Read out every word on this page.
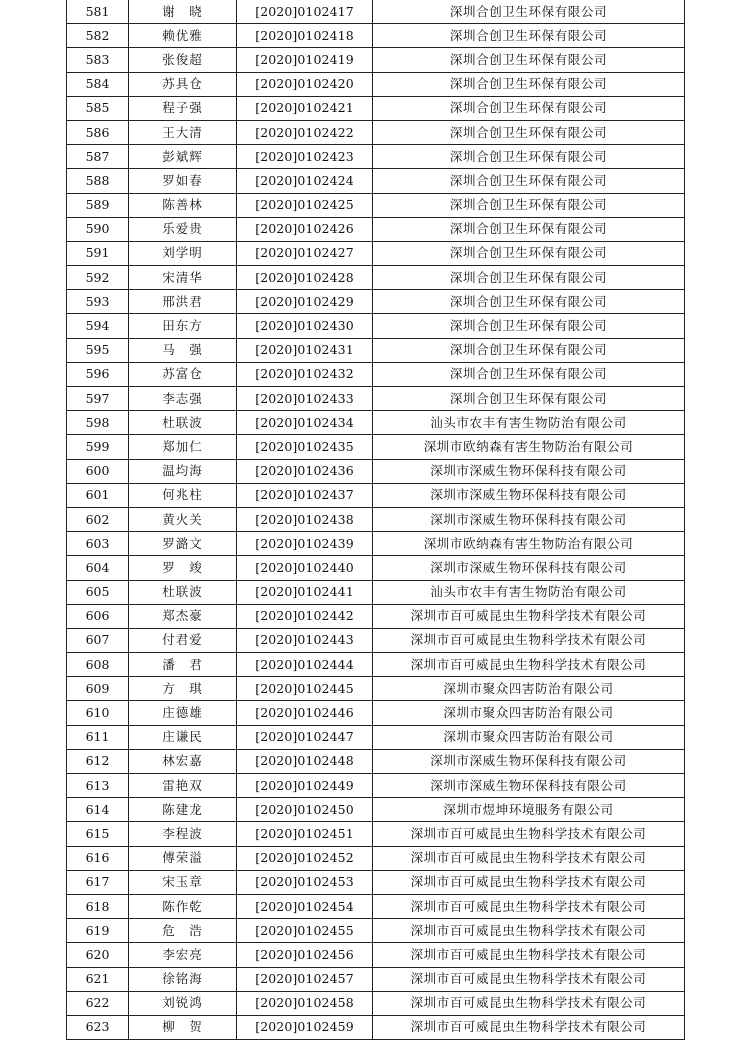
581	谢　晓	[2020]0102417	深圳合创卫生环保有限公司
582	赖优雅	[2020]0102418	深圳合创卫生环保有限公司
583	张俊超	[2020]0102419	深圳合创卫生环保有限公司
584	苏具仓	[2020]0102420	深圳合创卫生环保有限公司
585	程子强	[2020]0102421	深圳合创卫生环保有限公司
586	王大清	[2020]0102422	深圳合创卫生环保有限公司
587	彭斌辉	[2020]0102423	深圳合创卫生环保有限公司
588	罗如春	[2020]0102424	深圳合创卫生环保有限公司
589	陈善林	[2020]0102425	深圳合创卫生环保有限公司
590	乐爱贵	[2020]0102426	深圳合创卫生环保有限公司
591	刘学明	[2020]0102427	深圳合创卫生环保有限公司
592	宋清华	[2020]0102428	深圳合创卫生环保有限公司
593	邢洪君	[2020]0102429	深圳合创卫生环保有限公司
594	田东方	[2020]0102430	深圳合创卫生环保有限公司
595	马　强	[2020]0102431	深圳合创卫生环保有限公司
596	苏富仓	[2020]0102432	深圳合创卫生环保有限公司
597	李志强	[2020]0102433	深圳合创卫生环保有限公司
598	杜联波	[2020]0102434	汕头市农丰有害生物防治有限公司
599	郑加仁	[2020]0102435	深圳市欧纳森有害生物防治有限公司
600	温均海	[2020]0102436	深圳市深威生物环保科技有限公司
601	何兆柱	[2020]0102437	深圳市深威生物环保科技有限公司
602	黄火关	[2020]0102438	深圳市深威生物环保科技有限公司
603	罗潞文	[2020]0102439	深圳市欧纳森有害生物防治有限公司
604	罗　竣	[2020]0102440	深圳市深威生物环保科技有限公司
605	杜联波	[2020]0102441	汕头市农丰有害生物防治有限公司
606	郑杰豪	[2020]0102442	深圳市百可威昆虫生物科学技术有限公司
607	付君爱	[2020]0102443	深圳市百可威昆虫生物科学技术有限公司
608	潘　君	[2020]0102444	深圳市百可威昆虫生物科学技术有限公司
609	方　琪	[2020]0102445	深圳市聚众四害防治有限公司
610	庄德雄	[2020]0102446	深圳市聚众四害防治有限公司
611	庄谦民	[2020]0102447	深圳市聚众四害防治有限公司
612	林宏嘉	[2020]0102448	深圳市深威生物环保科技有限公司
613	雷艳双	[2020]0102449	深圳市深威生物环保科技有限公司
614	陈建龙	[2020]0102450	深圳市煜坤环境服务有限公司
615	李程波	[2020]0102451	深圳市百可威昆虫生物科学技术有限公司
616	傅荣溢	[2020]0102452	深圳市百可威昆虫生物科学技术有限公司
617	宋玉章	[2020]0102453	深圳市百可威昆虫生物科学技术有限公司
618	陈作乾	[2020]0102454	深圳市百可威昆虫生物科学技术有限公司
619	危　浩	[2020]0102455	深圳市百可威昆虫生物科学技术有限公司
620	李宏亮	[2020]0102456	深圳市百可威昆虫生物科学技术有限公司
621	徐铭海	[2020]0102457	深圳市百可威昆虫生物科学技术有限公司
622	刘锐鸿	[2020]0102458	深圳市百可威昆虫生物科学技术有限公司
623	柳　贺	[2020]0102459	深圳市百可威昆虫生物科学技术有限公司
